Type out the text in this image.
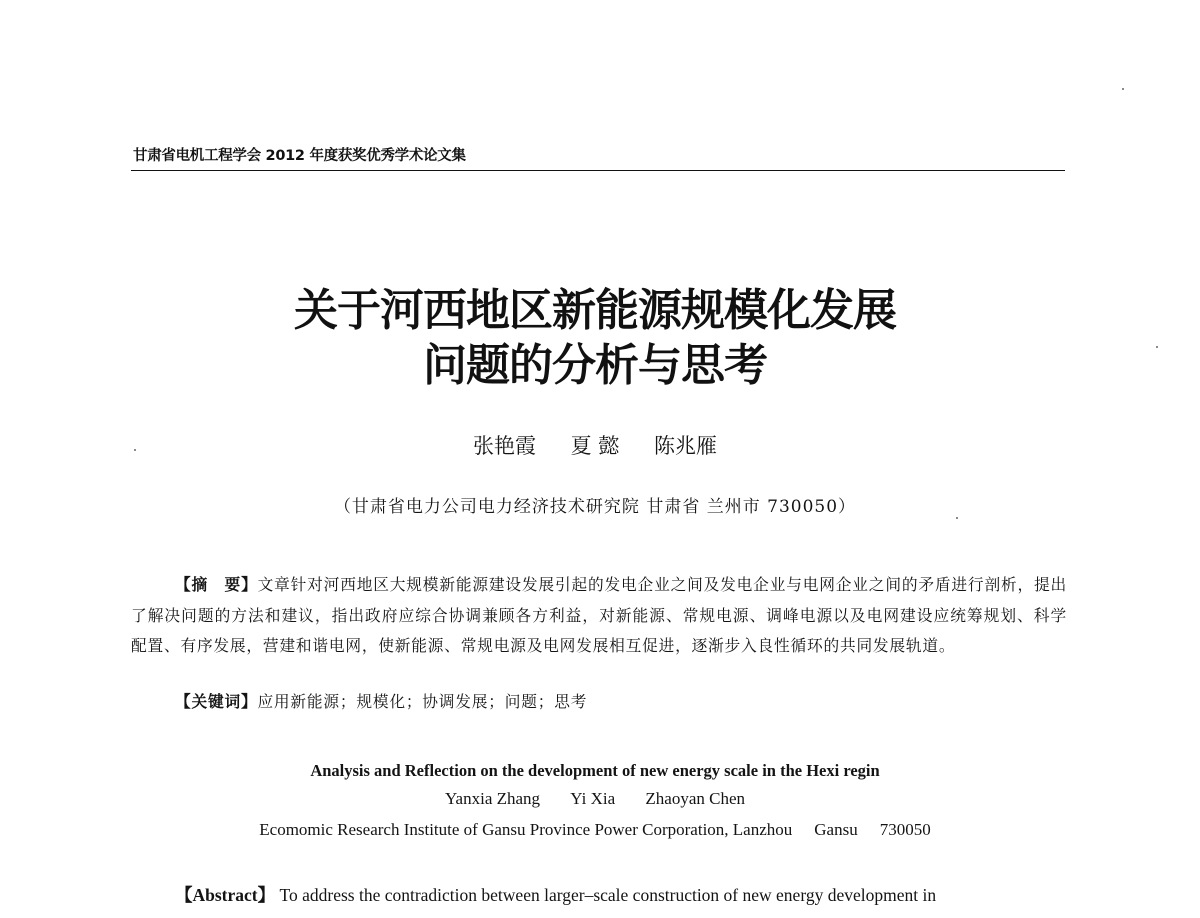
甘肃省电机工程学会 2012 年度获奖优秀学术论文集
关于河西地区新能源规模化发展
问题的分析与思考
张艳霞 夏 懿 陈兆雁
（甘肃省电力公司电力经济技术研究院 甘肃省 兰州市 730050）
【摘　要】文章针对河西地区大规模新能源建设发展引起的发电企业之间及发电企业与电网企业之间的矛盾进行剖析，提出了解决问题的方法和建议，指出政府应综合协调兼顾各方利益，对新能源、常规电源、调峰电源以及电网建设应统筹规划、科学配置、有序发展，营建和谐电网，使新能源、常规电源及电网发展相互促进，逐渐步入良性循环的共同发展轨道。
【关键词】应用新能源；规模化；协调发展；问题；思考
Analysis and Reflection on the development of new energy scale in the Hexi regin
Yanxia Zhang Yi Xia Zhaoyan Chen
Ecomomic Research Institute of Gansu Province Power Corporation, Lanzhou Gansu 730050
【Abstract】 To address the contradiction between larger–scale construction of new energy development in
